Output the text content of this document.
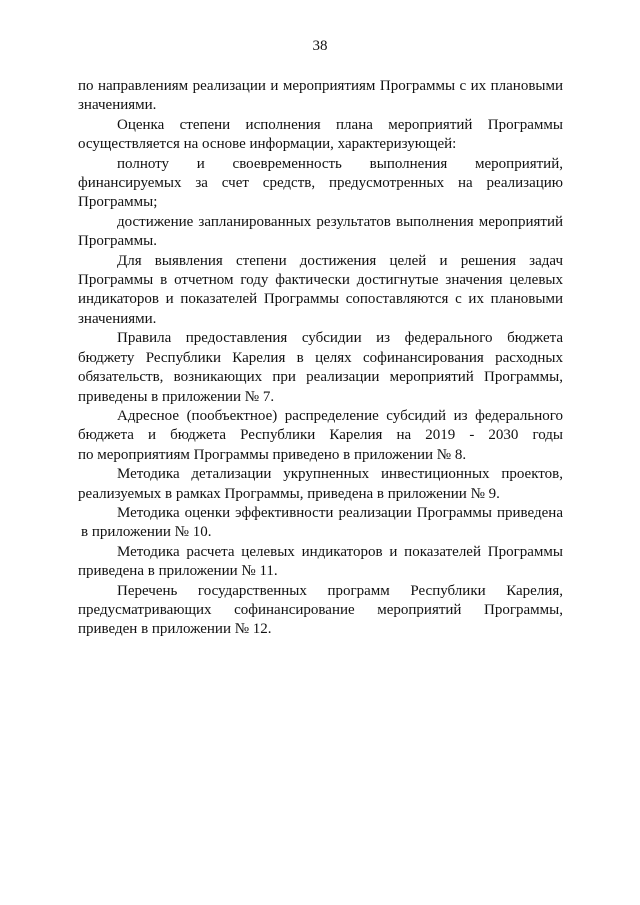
38
по направлениям реализации и мероприятиям Программы с их плановыми
значениями.
Оценка степени исполнения плана мероприятий Программы
осуществляется на основе информации, характеризующей:
полноту и своевременность выполнения мероприятий,
финансируемых за счет средств, предусмотренных на реализацию
Программы;
достижение запланированных результатов выполнения мероприятий
Программы.
Для выявления степени достижения целей и решения задач
Программы в отчетном году фактически достигнутые значения целевых
индикаторов и показателей Программы сопоставляются с их плановыми
значениями.
Правила предоставления субсидии из федерального бюджета
бюджету Республики Карелия в целях софинансирования расходных
обязательств, возникающих при реализации мероприятий Программы,
приведены в приложении № 7.
Адресное (пообъектное) распределение субсидий из федерального
бюджета и бюджета Республики Карелия на 2019 - 2030 годы
по мероприятиям Программы приведено в приложении № 8.
Методика детализации укрупненных инвестиционных проектов,
реализуемых в рамках Программы, приведена в приложении № 9.
Методика оценки эффективности реализации Программы приведена
в приложении № 10.
Методика расчета целевых индикаторов и показателей Программы
приведена в приложении № 11.
Перечень государственных программ Республики Карелия,
предусматривающих софинансирование мероприятий Программы,
приведен в приложении № 12.
